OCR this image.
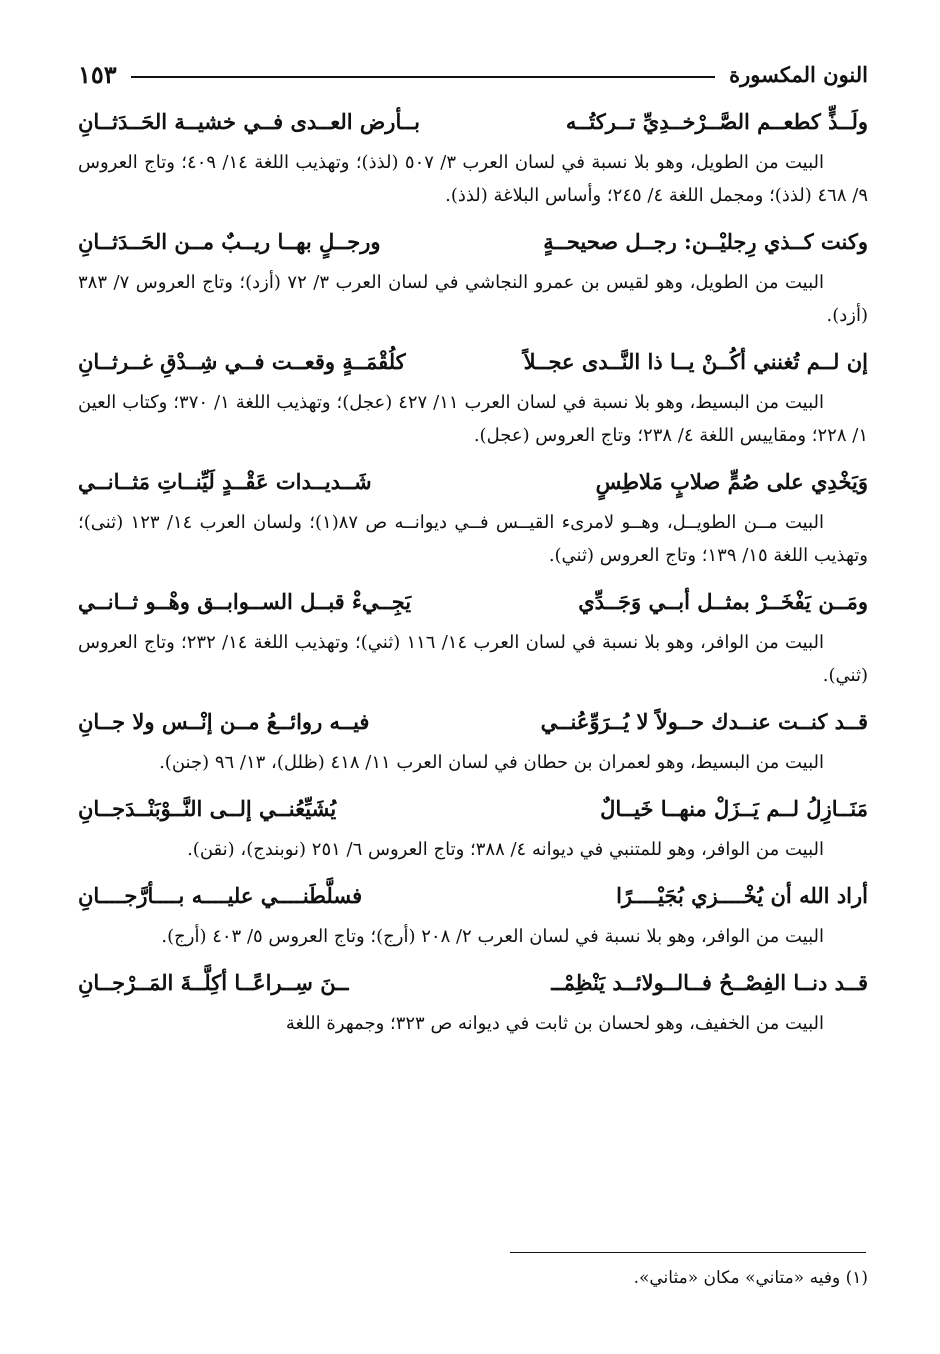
النون المكسورة
١٥٣
ولَــذٍّ كطعــم الصَّــرْخــدِيِّ تــركتُــه
بــأرض العــدى فــي خشيــة الحَــدَثــانِ

البيت من الطويل، وهو بلا نسبة في لسان العرب ٣/ ٥٠٧ (لذذ)؛ وتهذيب اللغة ١٤/ ٤٠٩؛ وتاج العروس ٩/ ٤٦٨ (لذذ)؛ ومجمل اللغة ٤/ ٢٤٥؛ وأساس البلاغة (لذذ).

وكنت كــذي رِجليْــن: رجــل صحيحــةٍ
ورجــلٍ بهــا ريــبٌ مــن الحَــدَثــانِ

البيت من الطويل، وهو لقيس بن عمرو النجاشي في لسان العرب ٣/ ٧٢ (أزد)؛ وتاج العروس ٧/ ٣٨٣ (أزد).

إن لــم تُغنني أكُــنْ يــا ذا النَّــدى عجــلاً
كلُقْمَــةٍ وقعــت فــي شِــدْقِ غــرثــانِ

البيت من البسيط، وهو بلا نسبة في لسان العرب ١١/ ٤٢٧ (عجل)؛ وتهذيب اللغة ١/ ٣٧٠؛ وكتاب العين ١/ ٢٢٨؛ ومقاييس اللغة ٤/ ٢٣٨؛ وتاج العروس (عجل).

وَيَخْدِي على صُمٍّ صلابٍ مَلاطِسٍ
شَــديــدات عَقْــدٍ لَيِّنــاتِ مَثــانــي

البيت مــن الطويــل، وهــو لامرىء القيــس فــي ديوانــه ص ٨٧(١)؛ ولسان العرب ١٤/ ١٢٣ (ثنى)؛ وتهذيب اللغة ١٥/ ١٣٩؛ وتاج العروس (ثني).

ومَــن يَفْخَــرْ بمثــل أبــي وَجَــدِّي
يَجِــيءْ قبــل الســوابــق وهْــو ثــانــي

البيت من الوافر، وهو بلا نسبة في لسان العرب ١٤/ ١١٦ (ثني)؛ وتهذيب اللغة ١٤/ ٢٣٢؛ وتاج العروس (ثني).

قــد كنــت عنــدك حــولاً لا يُــرَوِّعُنــي
فيــه روائــعُ مــن إنْــس ولا جــانِ

البيت من البسيط، وهو لعمران بن حطان في لسان العرب ١١/ ٤١٨ (ظلل)، ١٣/ ٩٦ (جنن).

مَنَــازِلُ لــم يَــزَلْ منهــا خَيــالٌ
يُشَيِّعُنــي إلــى النَّــوْبَنْــدَجــانِ

البيت من الوافر، وهو للمتنبي في ديوانه ٤/ ٣٨٨؛ وتاج العروس ٦/ ٢٥١ (نوبندج)، (نقن).

أراد الله أن يُخْــــزي بُجَيْــــرًا
فسلَّطَنــــي عليــــه بــــأرَّجــــانِ

البيت من الوافر، وهو بلا نسبة في لسان العرب ٢/ ٢٠٨ (أرج)؛ وتاج العروس ٥/ ٤٠٣ (أرج).

قــد دنــا الفِصْــحُ فــالــولائــد يَنْظِمْــ
ــنَ سِــراعًــا أكِلَّــةَ المَــرْجــانِ

البيت من الخفيف، وهو لحسان بن ثابت في ديوانه ص ٣٢٣؛ وجمهرة اللغة

(١) وفيه «متاني» مكان «مثاني».
